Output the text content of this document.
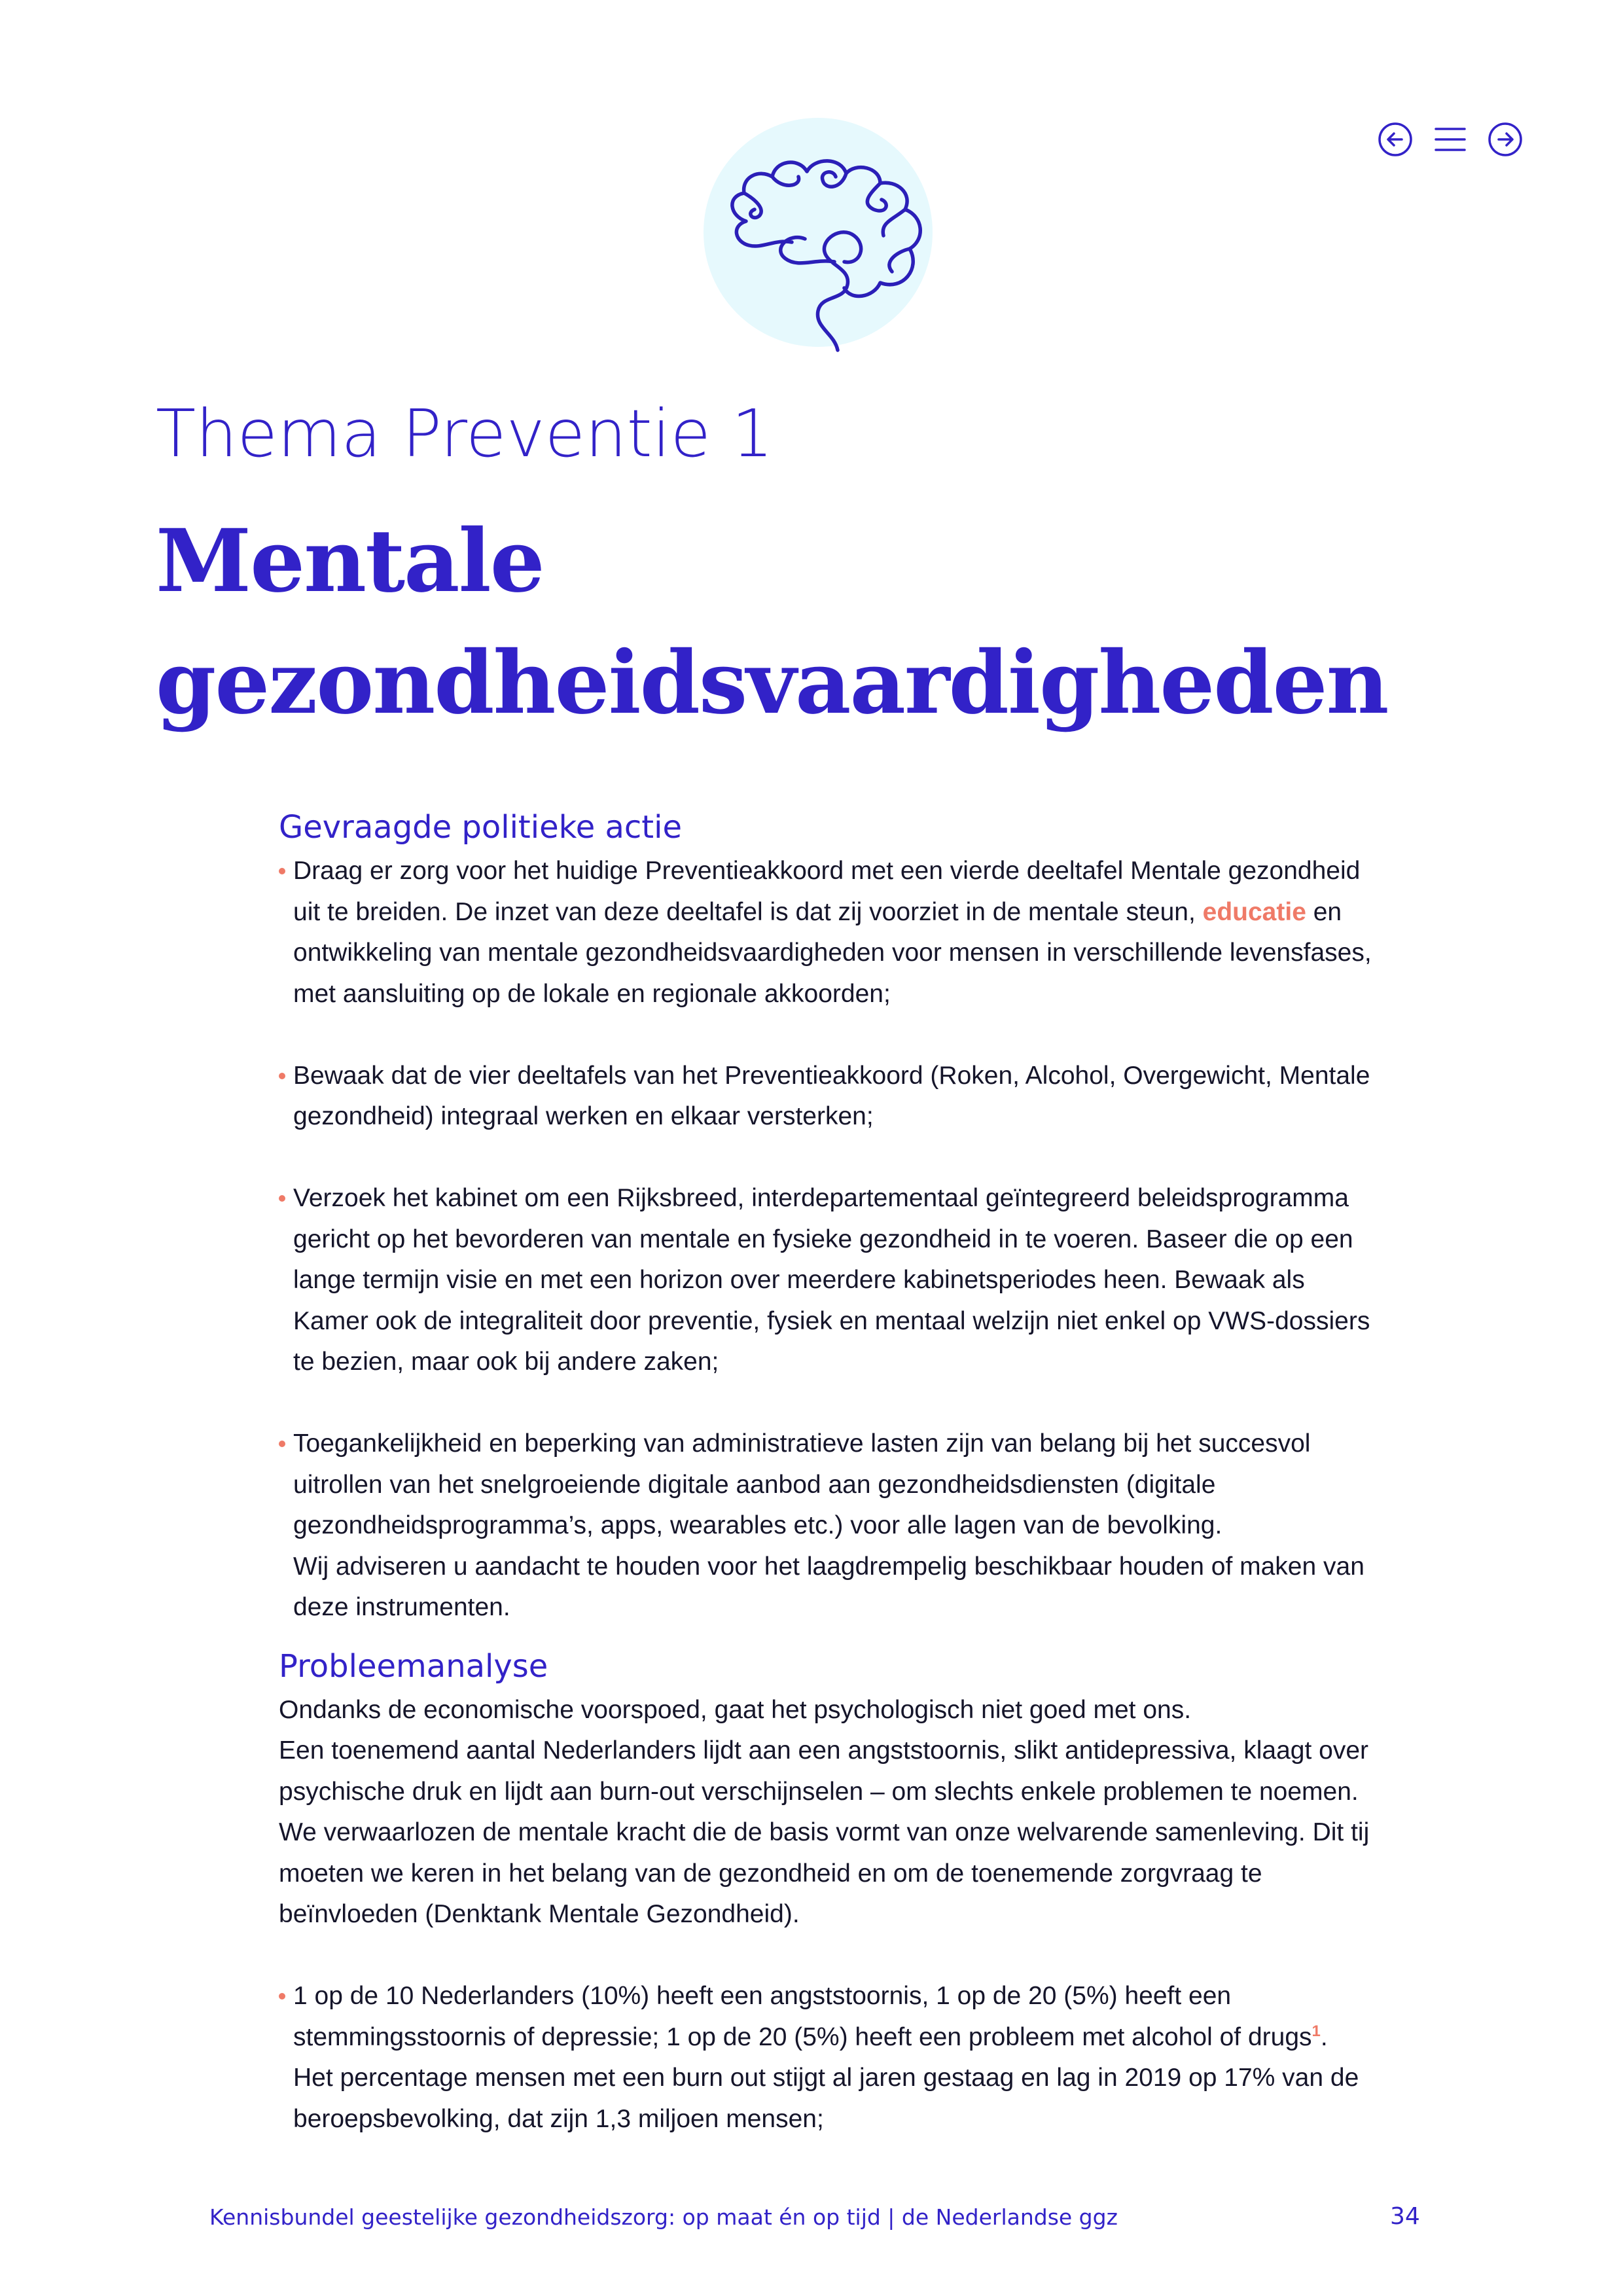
Thema Preventie 1
Mentale
gezondheidsvaardigheden
Gevraagde politieke actie
Draag er zorg voor het huidige Preventieakkoord met een vierde deeltafel Mentale gezondheid uit te breiden. De inzet van deze deeltafel is dat zij voorziet in de mentale steun, educatie en ontwikkeling van mentale gezondheidsvaardigheden voor mensen in verschillende levensfases, met aansluiting op de lokale en regionale akkoorden;
Bewaak dat de vier deeltafels van het Preventieakkoord (Roken, Alcohol, Overgewicht, Mentale gezondheid) integraal werken en elkaar versterken;
Verzoek het kabinet om een Rijksbreed, interdepartementaal geïntegreerd beleidsprogramma gericht op het bevorderen van mentale en fysieke gezondheid in te voeren. Baseer die op een lange termijn visie en met een horizon over meerdere kabinetsperiodes heen. Bewaak als Kamer ook de integraliteit door preventie, fysiek en mentaal welzijn niet enkel op VWS-dossiers te bezien, maar ook bij andere zaken;
Toegankelijkheid en beperking van administratieve lasten zijn van belang bij het succesvol uitrollen van het snelgroeiende digitale aanbod aan gezondheidsdiensten (digitale gezondheidsprogramma’s, apps, wearables etc.) voor alle lagen van de bevolking.
Wij adviseren u aandacht te houden voor het laagdrempelig beschikbaar houden of maken van deze instrumenten.
Probleemanalyse

Ondanks de economische voorspoed, gaat het psychologisch niet goed met ons.
Een toenemend aantal Nederlanders lijdt aan een angststoornis, slikt antidepressiva, klaagt over psychische druk en lijdt aan burn-out verschijnselen – om slechts enkele problemen te noemen. We verwaarlozen de mentale kracht die de basis vormt van onze welvarende samenleving. Dit tij moeten we keren in het belang van de gezondheid en om de toenemende zorgvraag te beïnvloeden (Denktank Mentale Gezondheid).

1 op de 10 Nederlanders (10%) heeft een angststoornis, 1 op de 20 (5%) heeft een stemmingsstoornis of depressie; 1 op de 20 (5%) heeft een probleem met alcohol of drugs$^1$.
Het percentage mensen met een burn out stijgt al jaren gestaag en lag in 2019 op 17% van de beroepsbevolking, dat zijn 1,3 miljoen mensen;
Kennisbundel geestelijke gezondheidszorg: op maat én op tijd | de Nederlandse ggz	34
